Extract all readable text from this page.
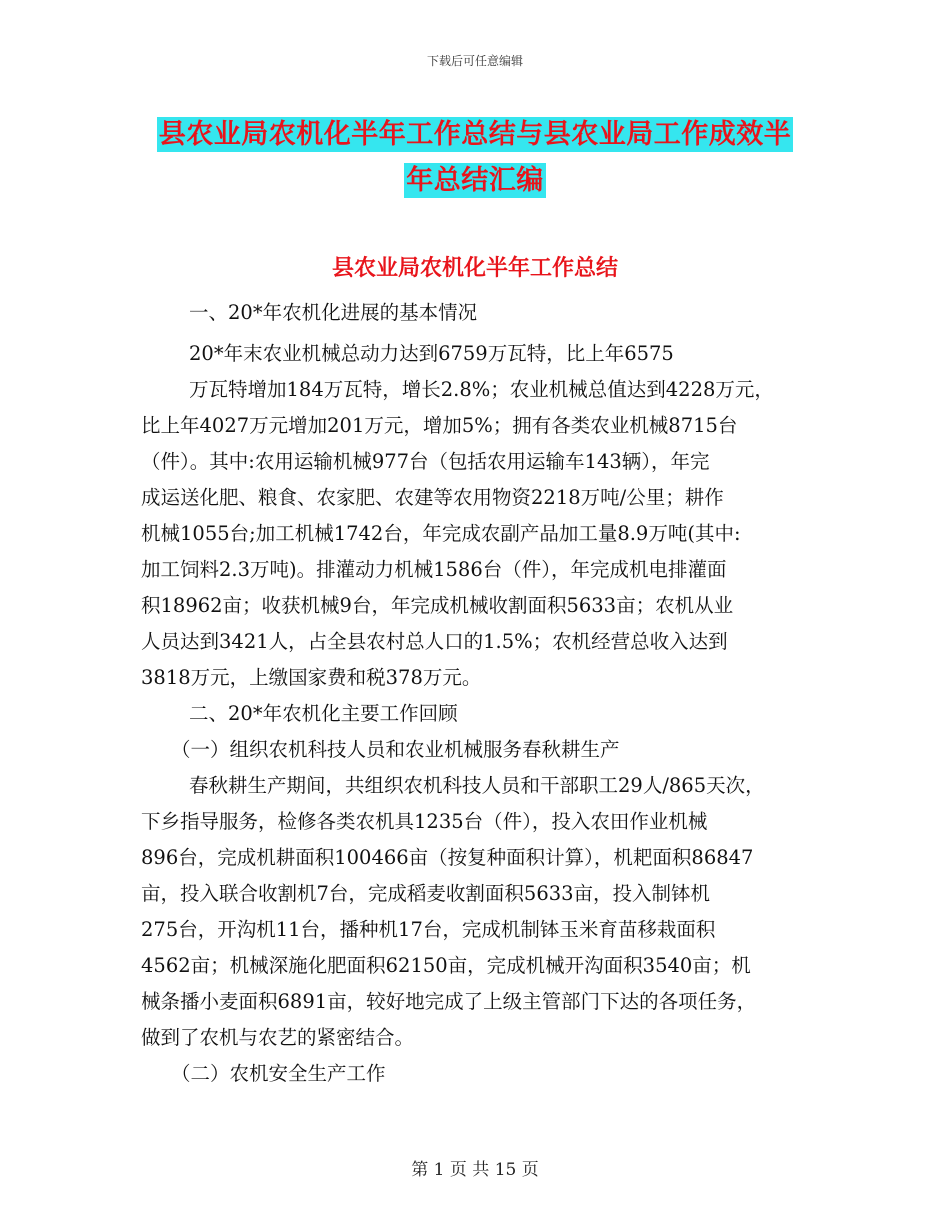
下载后可任意编辑
县农业局农机化半年工作总结与县农业局工作成效半
年总结汇编
县农业局农机化半年工作总结
一、20*年农机化进展的基本情况
20*年末农业机械总动力达到6759万瓦特，比上年6575
万瓦特增加184万瓦特，增长2.8%；农业机械总值达到4228万元，
比上年4027万元增加201万元，增加5%；拥有各类农业机械8715台
（件）。其中:农用运输机械977台（包括农用运输车143辆），年完
成运送化肥、粮食、农家肥、农建等农用物资2218万吨/公里；耕作
机械1055台;加工机械1742台，年完成农副产品加工量8.9万吨(其中:
加工饲料2.3万吨)。排灌动力机械1586台（件），年完成机电排灌面
积18962亩；收获机械9台，年完成机械收割面积5633亩；农机从业
人员达到3421人，占全县农村总人口的1.5%；农机经营总收入达到
3818万元，上缴国家费和税378万元。
二、20*年农机化主要工作回顾
（一）组织农机科技人员和农业机械服务春秋耕生产
春秋耕生产期间，共组织农机科技人员和干部职工29人/865天次，
下乡指导服务，检修各类农机具1235台（件），投入农田作业机械
896台，完成机耕面积100466亩（按复种面积计算），机耙面积86847
亩，投入联合收割机7台，完成稻麦收割面积5633亩，投入制钵机
275台，开沟机11台，播种机17台，完成机制钵玉米育苗移栽面积
4562亩；机械深施化肥面积62150亩，完成机械开沟面积3540亩；机
械条播小麦面积6891亩，较好地完成了上级主管部门下达的各项任务，
做到了农机与农艺的紧密结合。
（二）农机安全生产工作
第 1 页 共 15 页
